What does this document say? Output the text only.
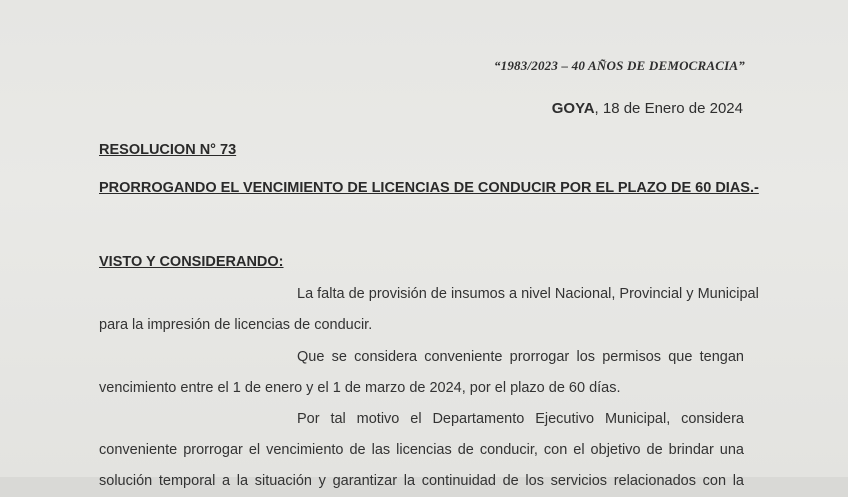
“1983/2023 – 40 AÑOS DE DEMOCRACIA”
GOYA, 18 de Enero de 2024
RESOLUCION N° 73
PRORROGANDO EL VENCIMIENTO DE LICENCIAS DE CONDUCIR POR EL PLAZO DE 60 DIAS.-
VISTO Y CONSIDERANDO:
La falta de provisión de insumos a nivel Nacional, Provincial y Municipal
para la impresión de licencias de conducir.
Que se considera conveniente prorrogar los permisos que tengan
vencimiento entre el 1 de enero y el 1 de marzo de 2024, por el plazo de 60 días.
Por tal motivo el Departamento Ejecutivo Municipal, considera
conveniente prorrogar el vencimiento de las licencias de conducir, con el objetivo de brindar una
solución temporal a la situación y garantizar la continuidad de los servicios relacionados con la
